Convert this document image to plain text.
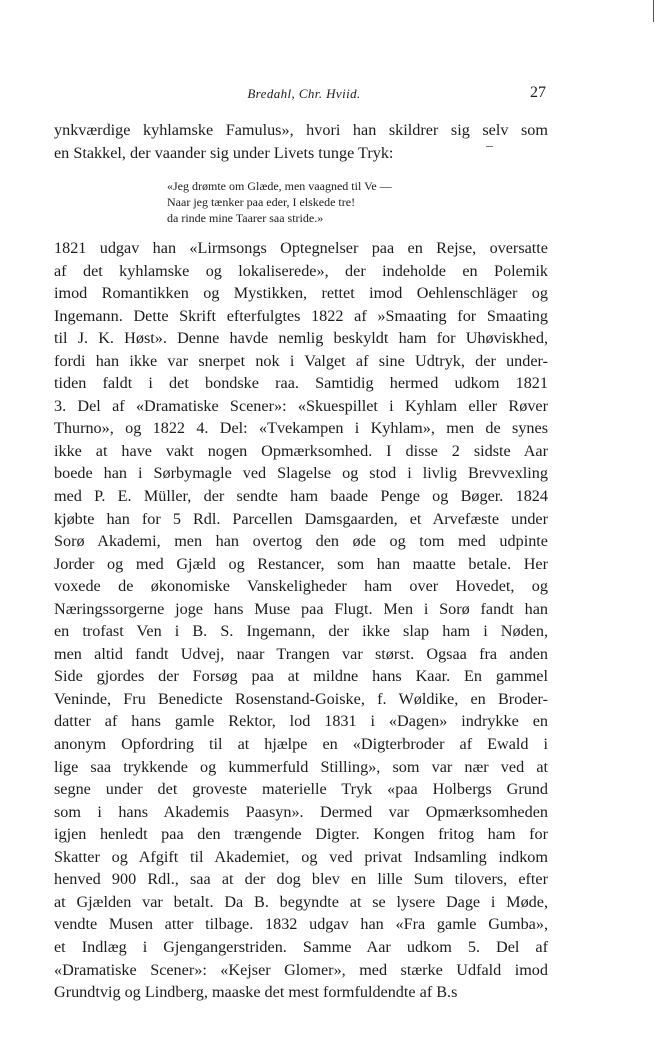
Bredahl, Chr. Hviid.	27
ynkværdige kyhlamske Famulus», hvori han skildrer sig selv som
en Stakkel, der vaander sig under Livets tunge Tryk:
«Jeg drømte om Glæde, men vaagned til Ve —
Naar jeg tænker paa eder, I elskede tre!
da rinde mine Taarer saa stride.»
1821 udgav han «Lirmsongs Optegnelser paa en Rejse, oversatte
af det kyhlamske og lokaliserede», der indeholde en Polemik
imod Romantikken og Mystikken, rettet imod Oehlenschläger og
Ingemann. Dette Skrift efterfulgtes 1822 af »Smaating for Smaating
til J. K. Høst». Denne havde nemlig beskyldt ham for Uhøviskhed,
fordi han ikke var snerpet nok i Valget af sine Udtryk, der under-
tiden faldt i det bondske raa. Samtidig hermed udkom 1821
3. Del af «Dramatiske Scener»: «Skuespillet i Kyhlam eller Røver
Thurno», og 1822 4. Del: «Tvekampen i Kyhlam», men de synes
ikke at have vakt nogen Opmærksomhed. I disse 2 sidste Aar
boede han i Sørbymagle ved Slagelse og stod i livlig Brevvexling
med P. E. Müller, der sendte ham baade Penge og Bøger. 1824
kjøbte han for 5 Rdl. Parcellen Damsgaarden, et Arvefæste under
Sorø Akademi, men han overtog den øde og tom med udpinte
Jorder og med Gjæld og Restancer, som han maatte betale. Her
voxede de økonomiske Vanskeligheder ham over Hovedet, og
Næringssorgerne joge hans Muse paa Flugt. Men i Sorø fandt han
en trofast Ven i B. S. Ingemann, der ikke slap ham i Nøden,
men altid fandt Udvej, naar Trangen var størst. Ogsaa fra anden
Side gjordes der Forsøg paa at mildne hans Kaar. En gammel
Veninde, Fru Benedicte Rosenstand-Goiske, f. Wøldike, en Broder-
datter af hans gamle Rektor, lod 1831 i «Dagen» indrykke en
anonym Opfordring til at hjælpe en «Digterbroder af Ewald i
lige saa trykkende og kummerfuld Stilling», som var nær ved at
segne under det groveste materielle Tryk «paa Holbergs Grund
som i hans Akademis Paasyn». Dermed var Opmærksomheden
igjen henledt paa den trængende Digter. Kongen fritog ham for
Skatter og Afgift til Akademiet, og ved privat Indsamling indkom
henved 900 Rdl., saa at der dog blev en lille Sum tilovers, efter
at Gjælden var betalt. Da B. begyndte at se lysere Dage i Møde,
vendte Musen atter tilbage. 1832 udgav han «Fra gamle Gumba»,
et Indlæg i Gjengangerstriden. Samme Aar udkom 5. Del af
«Dramatiske Scener»: «Kejser Glomer», med stærke Udfald imod
Grundtvig og Lindberg, maaske det mest formfuldendte af B.s
